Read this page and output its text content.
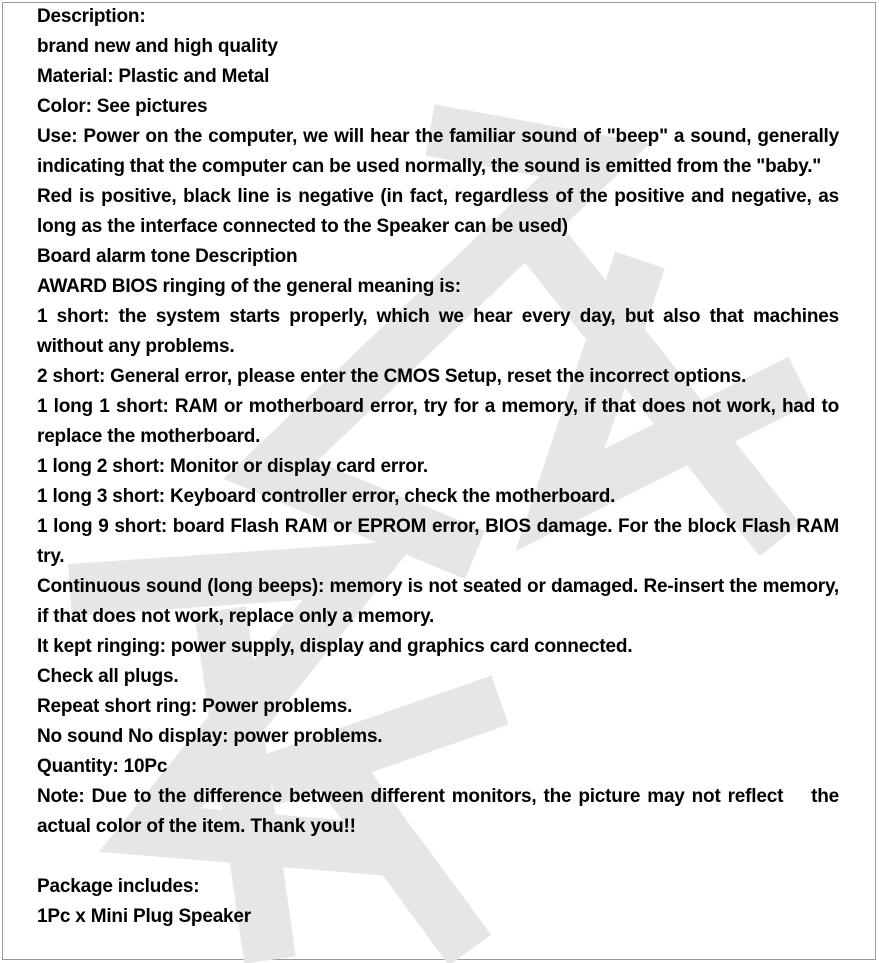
Description:
brand new and high quality
Material: Plastic and Metal
Color: See pictures
Use: Power on the computer, we will hear the familiar sound of "beep" a sound, generally indicating that the computer can be used normally, the sound is emitted from the "baby."
Red is positive, black line is negative (in fact, regardless of the positive and negative, as long as the interface connected to the Speaker can be used)
Board alarm tone Description
AWARD BIOS ringing of the general meaning is:
1 short: the system starts properly, which we hear every day, but also that machines without any problems.
2 short: General error, please enter the CMOS Setup, reset the incorrect options.
1 long 1 short: RAM or motherboard error, try for a memory, if that does not work, had to replace the motherboard.
1 long 2 short: Monitor or display card error.
1 long 3 short: Keyboard controller error, check the motherboard.
1 long 9 short: board Flash RAM or EPROM error, BIOS damage. For the block Flash RAM try.
Continuous sound (long beeps): memory is not seated or damaged. Re-insert the memory, if that does not work, replace only a memory.
It kept ringing: power supply, display and graphics card connected.
Check all plugs.
Repeat short ring: Power problems.
No sound No display: power problems.
Quantity: 10Pc
Note: Due to the difference between different monitors, the picture may not reflect    the actual color of the item. Thank you!!
Package includes:
1Pc x Mini Plug Speaker
